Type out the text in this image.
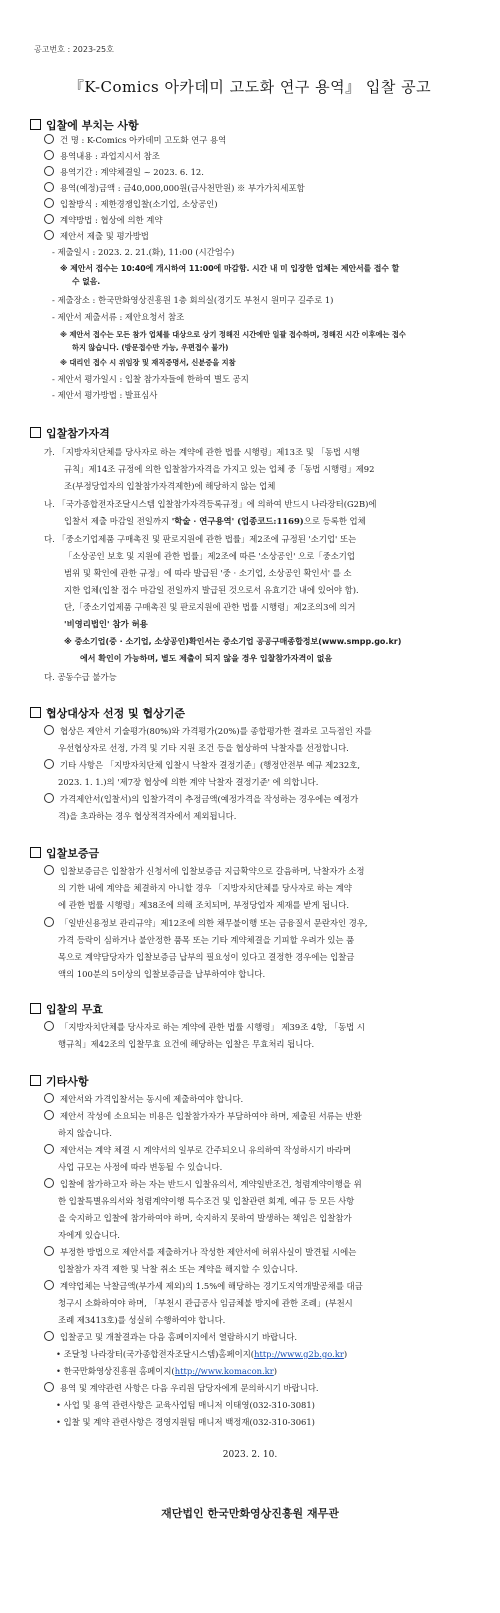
공고번호 : 2023-25호
『K-Comics 아카데미 고도화 연구 용역』 입찰 공고
입찰에 부치는 사항
건 명 : K-Comics 아카데미 고도화 연구 용역
용역내용 : 과업지시서 참조
용역기간 : 계약체결일 ~ 2023. 6. 12.
용역(예정)금액 : 금40,000,000원(금사천만원) ※ 부가가치세포함
입찰방식 : 제한경쟁입찰(소기업, 소상공인)
계약방법 : 협상에 의한 계약
제안서 제출 및 평가방법
- 제출일시 : 2023. 2. 21.(화), 11:00 (시간엄수)
※ 제안서 접수는 10:40에 개시하여 11:00에 마감함. 시간 내 미 입장한 업체는 제안서를 접수 할
수 없음.
- 제출장소 : 한국만화영상진흥원 1층 회의실(경기도 부천시 원미구 길주로 1)
- 제안서 제출서류 : 제안요청서 참조
※ 제안서 접수는 모든 참가 업체를 대상으로 상기 정해진 시간에만 일괄 접수하며, 정해진 시간 이후에는 접수
하지 않습니다. (방문접수만 가능, 우편접수 불가)
※ 대리인 접수 시 위임장 및 재직증명서, 신분증을 지참
- 제안서 평가일시 : 입찰 참가자들에 한하여 별도 공지
- 제안서 평가방법 : 발표심사
입찰참가자격
가. 「지방자치단체를 당사자로 하는 계약에 관한 법률 시행령」제13조 및 「동법 시행
규칙」제14조 규정에 의한 입찰참가자격을 가지고 있는 업체 중「동법 시행령」제92
조(부정당업자의 입찰참가자격제한)에 해당하지 않는 업체
나. 「국가종합전자조달시스템 입찰참가자격등록규정」에 의하여 반드시 나라장터(G2B)에
입찰서 제출 마감일 전일까지 '학술 · 연구용역' (업종코드:1169)으로 등록한 업체
다. 「중소기업제품 구매촉진 및 판로지원에 관한 법률」제2조에 규정된 '소기업' 또는
「소상공인 보호 및 지원에 관한 법률」제2조에 따른 '소상공인' 으로「중소기업
범위 및 확인에 관한 규정」에 따라 발급된 '중 · 소기업, 소상공인 확인서' 를 소
지한 업체(입찰 접수 마감일 전일까지 발급된 것으로서 유효기간 내에 있어야 함).
단,「중소기업제품 구매촉진 및 판로지원에 관한 법률 시행령」제2조의3에 의거
'비영리법인' 참가 허용
※ 중소기업(중 · 소기업, 소상공인)확인서는 중소기업 공공구매종합정보(www.smpp.go.kr)
에서 확인이 가능하며, 별도 제출이 되지 않을 경우 입찰참가자격이 없음
다. 공동수급 불가능
협상대상자 선정 및 협상기준
협상은 제안서 기술평가(80%)와 가격평가(20%)를 종합평가한 결과로 고득점인 자를
우선협상자로 선정, 가격 및 기타 지원 조건 등을 협상하여 낙찰자를 선정합니다.
기타 사항은 「지방자치단체 입찰시 낙찰자 결정기준」(행정안전부 예규 제232호,
2023. 1. 1.)의 '제7장 협상에 의한 계약 낙찰자 결정기준' 에 의합니다.
가격제안서(입찰서)의 입찰가격이 추정금액(예정가격을 작성하는 경우에는 예정가
격)을 초과하는 경우 협상적격자에서 제외됩니다.
입찰보증금
입찰보증금은 입찰참가 신청서에 입찰보증금 지급확약으로 갈음하며, 낙찰자가 소정
의 기한 내에 계약을 체결하지 아니할 경우 「지방자치단체를 당사자로 하는 계약
에 관한 법률 시행령」제38조에 의해 조치되며, 부정당업자 제재를 받게 됩니다.
「일반신용정보 관리규약」제12조에 의한 채무불이행 또는 금융질서 문란자인 경우,
가격 등락이 심하거나 불안정한 품목 또는 기타 계약체결을 기피할 우려가 있는 품
목으로 계약담당자가 입찰보증금 납부의 필요성이 있다고 결정한 경우에는 입찰금
액의 100분의 5이상의 입찰보증금을 납부하여야 합니다.
입찰의 무효
「지방자치단체를 당사자로 하는 계약에 관한 법률 시행령」 제39조 4항, 「동법 시
행규칙」제42조의 입찰무효 요건에 해당하는 입찰은 무효처리 됩니다.
기타사항
제안서와 가격입찰서는 동시에 제출하여야 합니다.
제안서 작성에 소요되는 비용은 입찰참가자가 부담하여야 하며, 제출된 서류는 반환
하지 않습니다.
제안서는 계약 체결 시 계약서의 일부로 간주되오니 유의하여 작성하시기 바라며
사업 규모는 사정에 따라 변동될 수 있습니다.
입찰에 참가하고자 하는 자는 반드시 입찰유의서, 계약일반조건, 청렴계약이행을 위
한 입찰특별유의서와 청렴계약이행 특수조건 및 입찰관련 회계, 예규 등 모든 사항
을 숙지하고 입찰에 참가하여야 하며, 숙지하지 못하여 발생하는 책임은 입찰참가
자에게 있습니다.
부정한 방법으로 제안서를 제출하거나 작성한 제안서에 허위사실이 발견될 시에는
입찰참가 자격 제한 및 낙찰 취소 또는 계약을 해지할 수 있습니다.
계약업체는 낙찰금액(부가세 제외)의 1.5%에 해당하는 경기도지역개발공채를 대금
청구시 소화하여야 하며, 「부천시 관급공사 임금체불 방지에 관한 조례」(부천시
조례 제3413호)를 성실히 수행하여야 합니다.
입찰공고 및 개찰결과는 다음 홈페이지에서 열람하시기 바랍니다.
• 조달청 나라장터(국가종합전자조달시스템)홈페이지(http://www.g2b.go.kr)
• 한국만화영상진흥원 홈페이지(http://www.komacon.kr)
용역 및 계약관련 사항은 다음 우리원 담당자에게 문의하시기 바랍니다.
• 사업 및 용역 관련사항은 교육사업팀 매니저 이태영(032-310-3081)
2023. 2. 10.
재단법인 한국만화영상진흥원 재무관
• 입찰 및 계약 관련사항은 경영지원팀 매니저 백정재(032-310-3061)
